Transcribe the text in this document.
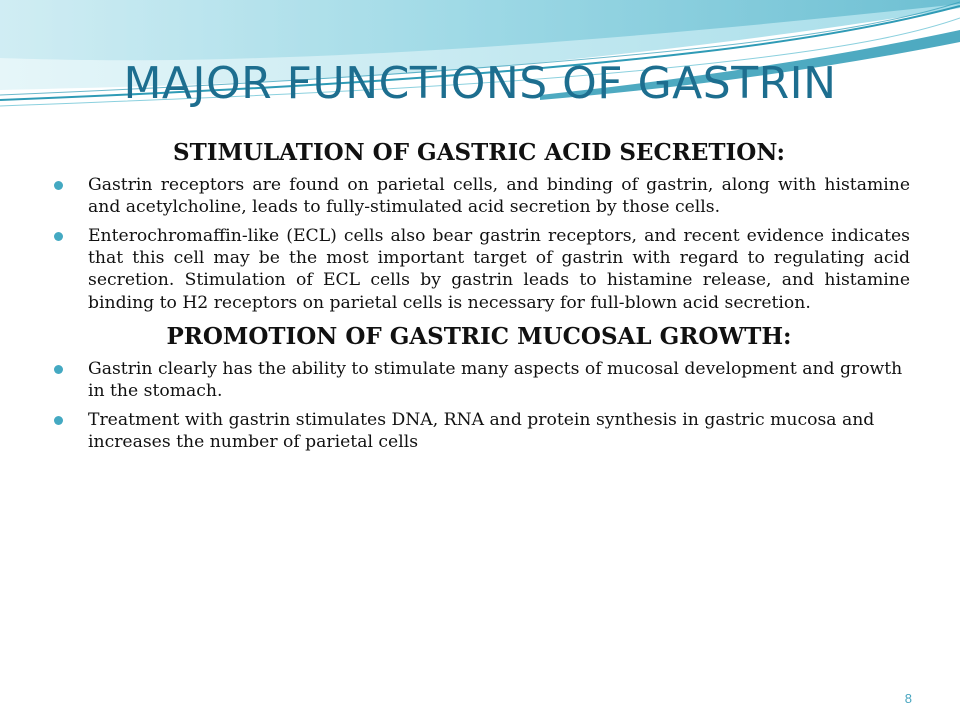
MAJOR FUNCTIONS OF GASTRIN
STIMULATION OF GASTRIC ACID SECRETION:
Gastrin receptors are found on parietal cells, and binding of gastrin, along with histamine and acetylcholine, leads to fully-stimulated acid secretion by those cells.
Enterochromaffin-like (ECL) cells also bear gastrin receptors, and recent evidence indicates that this cell may be the most important target of gastrin with regard to regulating acid secretion. Stimulation of ECL cells by gastrin leads to histamine release, and histamine binding to H2 receptors on parietal cells is necessary for full-blown acid secretion.
PROMOTION OF GASTRIC MUCOSAL GROWTH:
Gastrin clearly has the ability to stimulate many aspects of mucosal development and growth in the stomach.
Treatment with gastrin stimulates DNA, RNA and protein synthesis in gastric mucosa and increases the number of parietal cells
8
